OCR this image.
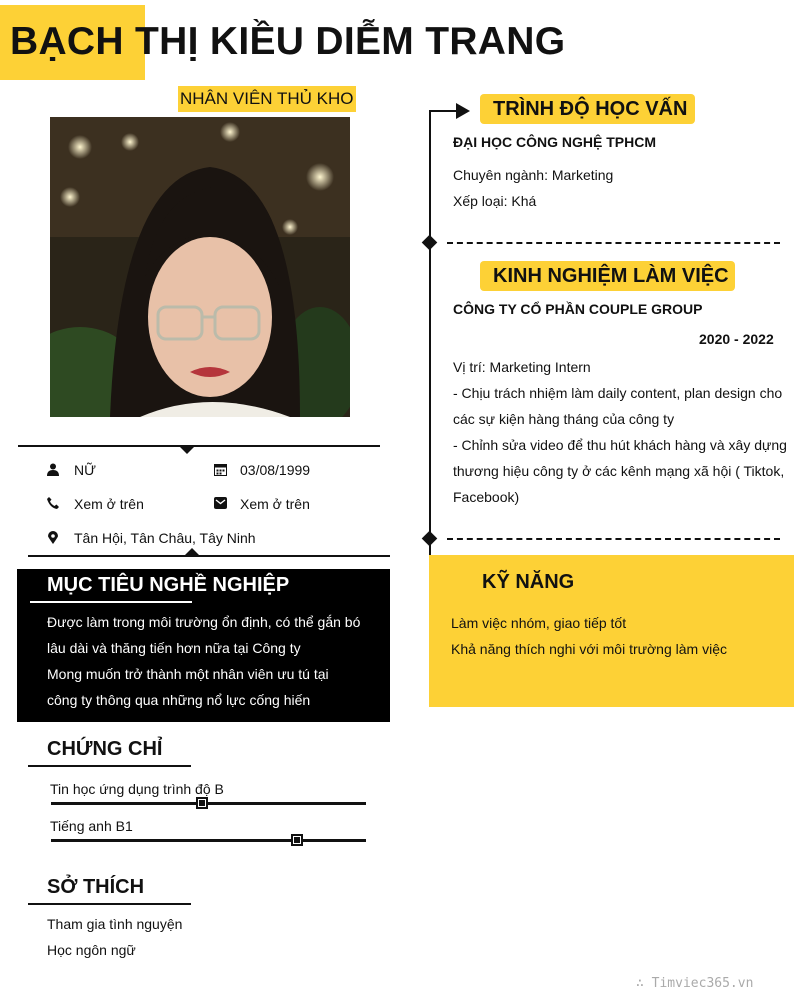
BẠCH THỊ KIỀU DIỄM TRANG
NHÂN VIÊN THỦ KHO
NỮ	03/08/1999
Xem ở trên	Xem ở trên
Tân Hội, Tân Châu, Tây Ninh
MỤC TIÊU NGHỀ NGHIỆP
Được làm trong môi trường ổn định, có thể gắn bó
lâu dài và thăng tiến hơn nữa tại Công ty
Mong muốn trở thành một nhân viên ưu tú tại
công ty thông qua những nổ lực cống hiến
CHỨNG CHỈ
Tin học ứng dụng trình độ B
Tiếng anh B1
SỞ THÍCH
Tham gia tình nguyện
Học ngôn ngữ
TRÌNH ĐỘ HỌC VẤN
ĐẠI HỌC CÔNG NGHỆ TPHCM
Chuyên ngành: Marketing
Xếp loại: Khá
KINH NGHIỆM LÀM VIỆC
CÔNG TY CỔ PHẦN COUPLE GROUP
2020 - 2022
Vị trí: Marketing Intern
- Chịu trách nhiệm làm daily content, plan design cho
các sự kiện hàng tháng của công ty
- Chỉnh sửa video để thu hút khách hàng và xây dựng
thương hiệu công ty ở các kênh mạng xã hội ( Tiktok,
Facebook)
KỸ NĂNG
Làm việc nhóm, giao tiếp tốt
Khả năng thích nghi với môi trường làm việc
∴ Timviec365.vn
